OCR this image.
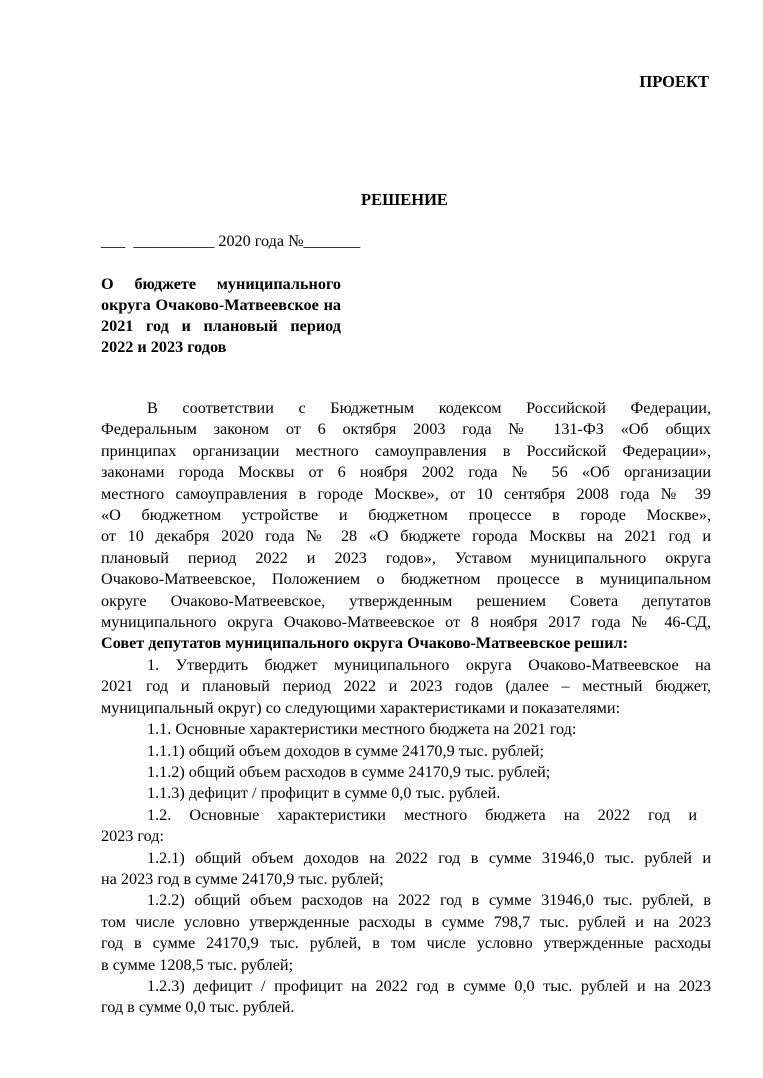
ПРОЕКТ
РЕШЕНИЕ
___  __________ 2020 года №_______
О бюджете муниципального округа Очаково-Матвеевское на 2021 год и плановый период 2022 и 2023 годов
В соответствии с Бюджетным кодексом Российской Федерации,
Федеральным законом от 6 октября 2003 года № 131-ФЗ «Об общих
принципах организации местного самоуправления в Российской Федерации»,
законами города Москвы от 6 ноября 2002 года № 56 «Об организации
местного самоуправления в городе Москве», от 10 сентября 2008 года № 39
«О бюджетном устройстве и бюджетном процессе в городе Москве»,
от 10 декабря 2020 года № 28 «О бюджете города Москвы на 2021 год и
плановый период 2022 и 2023 годов», Уставом муниципального округа
Очаково-Матвеевское, Положением о бюджетном процессе в муниципальном
округе Очаково-Матвеевское, утвержденным решением Совета депутатов
муниципального округа Очаково-Матвеевское от 8 ноября 2017 года № 46-СД,
Совет депутатов муниципального округа Очаково-Матвеевское решил:
1. Утвердить бюджет муниципального округа Очаково-Матвеевское на
2021 год и плановый период 2022 и 2023 годов (далее – местный бюджет,
муниципальный округ) со следующими характеристиками и показателями:
1.1. Основные характеристики местного бюджета на 2021 год:
1.1.1) общий объем доходов в сумме 24170,9 тыс. рублей;
1.1.2) общий объем расходов в сумме 24170,9 тыс. рублей;
1.1.3) дефицит / профицит в сумме 0,0 тыс. рублей.
1.2. Основные характеристики местного бюджета на 2022 год и
2023 год:
1.2.1) общий объем доходов на 2022 год в сумме 31946,0 тыс. рублей и
на 2023 год в сумме 24170,9 тыс. рублей;
1.2.2) общий объем расходов на 2022 год в сумме 31946,0 тыс. рублей, в
том числе условно утвержденные расходы в сумме 798,7 тыс. рублей и на 2023
год в сумме 24170,9 тыс. рублей, в том числе условно утвержденные расходы
в сумме 1208,5 тыс. рублей;
1.2.3) дефицит / профицит на 2022 год в сумме 0,0 тыс. рублей и на 2023
год в сумме 0,0 тыс. рублей.
